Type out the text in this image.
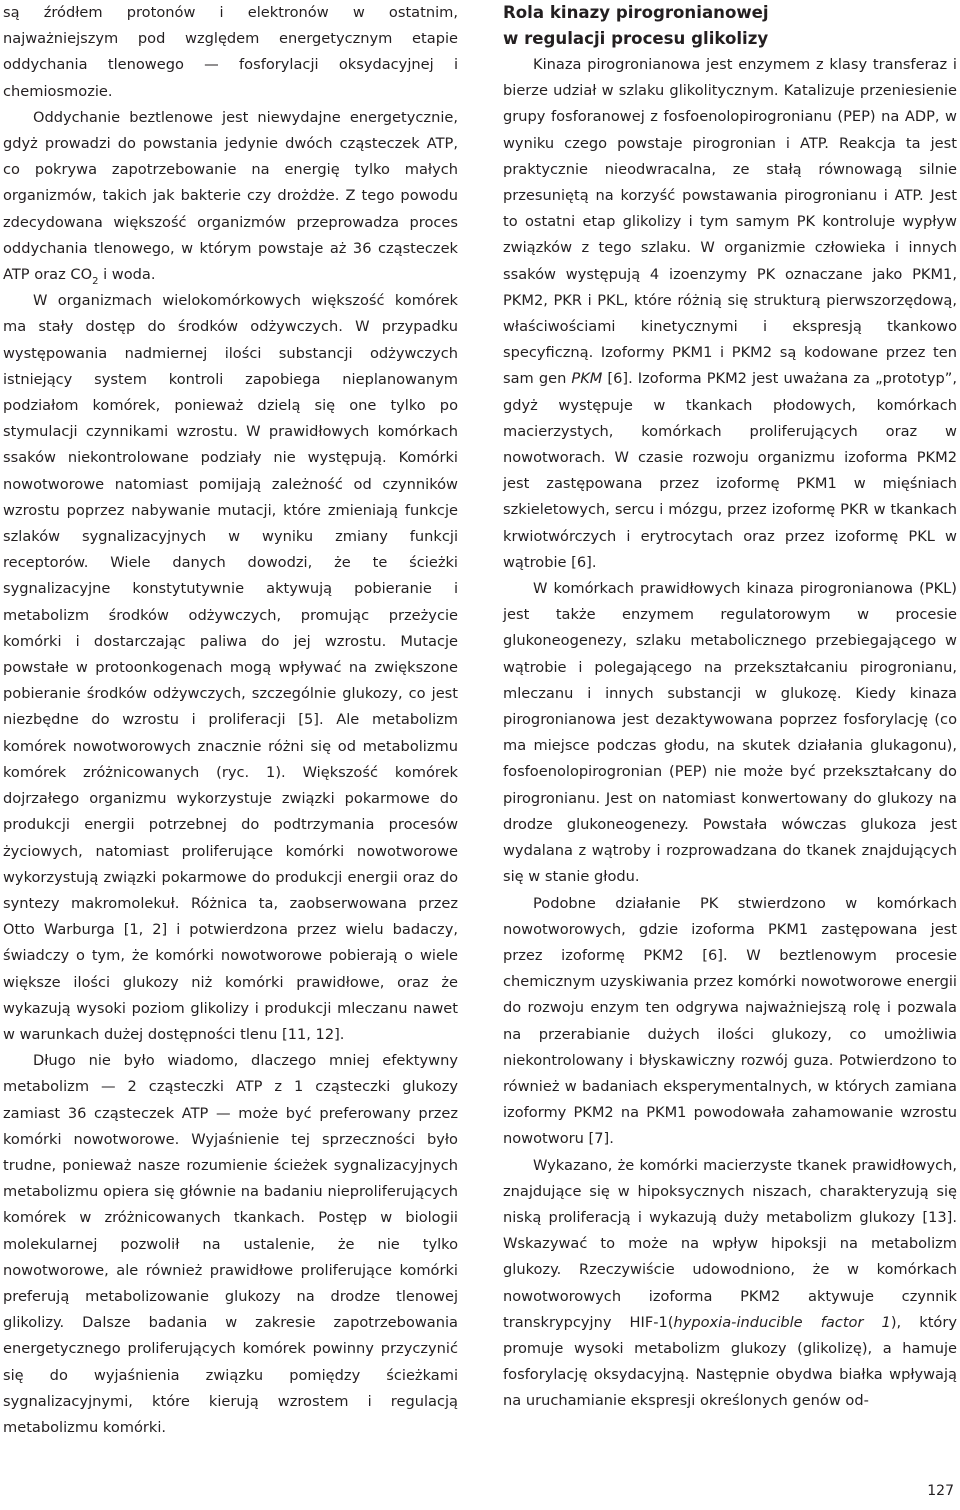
są źródłem protonów i elektronów w ostatnim, najważniejszym pod względem energetycznym etapie oddychania tlenowego — fosforylacji oksydacyjnej i chemiosmozie.

Oddychanie beztlenowe jest niewydajne energetycznie, gdyż prowadzi do powstania jedynie dwóch cząsteczek ATP, co pokrywa zapotrzebowanie na energię tylko małych organizmów, takich jak bakterie czy drożdże. Z tego powodu zdecydowana większość organizmów przeprowadza proces oddychania tlenowego, w którym powstaje aż 36 cząsteczek ATP oraz $CO_2$ i woda.

W organizmach wielokomórkowych większość komórek ma stały dostęp do środków odżywczych. W przypadku występowania nadmiernej ilości substancji odżywczych istniejący system kontroli zapobiega nieplanowanym podziałom komórek, ponieważ dzielą się one tylko po stymulacji czynnikami wzrostu. W prawidłowych komórkach ssaków niekontrolowane podziały nie występują. Komórki nowotworowe natomiast pomijają zależność od czynników wzrostu poprzez nabywanie mutacji, które zmieniają funkcje szlaków sygnalizacyjnych w wyniku zmiany funkcji receptorów. Wiele danych dowodzi, że te ścieżki sygnalizacyjne konstytutywnie aktywują pobieranie i metabolizm środków odżywczych, promując przeżycie komórki i dostarczając paliwa do jej wzrostu. Mutacje powstałe w protoonkogenach mogą wpływać na zwiększone pobieranie środków odżywczych, szczególnie glukozy, co jest niezbędne do wzrostu i proliferacji [5]. Ale metabolizm komórek nowotworowych znacznie różni się od metabolizmu komórek zróżnicowanych (ryc. 1). Większość komórek dojrzałego organizmu wykorzystuje związki pokarmowe do produkcji energii potrzebnej do podtrzymania procesów życiowych, natomiast proliferujące komórki nowotworowe wykorzystują związki pokarmowe do produkcji energii oraz do syntezy makromolekuł. Różnica ta, zaobserwowana przez Otto Warburga [1, 2] i potwierdzona przez wielu badaczy, świadczy o tym, że komórki nowotworowe pobierają o wiele większe ilości glukozy niż komórki prawidłowe, oraz że wykazują wysoki poziom glikolizy i produkcji mleczanu nawet w warunkach dużej dostępności tlenu [11, 12].

Długo nie było wiadomo, dlaczego mniej efektywny metabolizm — 2 cząsteczki ATP z 1 cząsteczki glukozy zamiast 36 cząsteczek ATP — może być preferowany przez komórki nowotworowe. Wyjaśnienie tej sprzeczności było trudne, ponieważ nasze rozumienie ścieżek sygnalizacyjnych metabolizmu opiera się głównie na badaniu nieproliferujących komórek w zróżnicowanych tkankach. Postęp w biologii molekularnej pozwolił na ustalenie, że nie tylko nowotworowe, ale również prawidłowe proliferujące komórki preferują metabolizowanie glukozy na drodze tlenowej glikolizy. Dalsze badania w zakresie zapotrzebowania energetycznego proliferujących komórek powinny przyczynić się do wyjaśnienia związku pomiędzy ścieżkami sygnalizacyjnymi, które kierują wzrostem i regulacją metabolizmu komórki.

Rola kinazy pirogronianowej
w regulacji procesu glikolizy

Kinaza pirogronianowa jest enzymem z klasy transferaz i bierze udział w szlaku glikolitycznym. Katalizuje przeniesienie grupy fosforanowej z fosfoenolopirogronianu (PEP) na ADP, w wyniku czego powstaje pirogronian i ATP. Reakcja ta jest praktycznie nieodwracalna, ze stałą równowagą silnie przesuniętą na korzyść powstawania pirogronianu i ATP. Jest to ostatni etap glikolizy i tym samym PK kontroluje wypływ związków z tego szlaku. W organizmie człowieka i innych ssaków występują 4 izoenzymy PK oznaczane jako PKM1, PKM2, PKR i PKL, które różnią się strukturą pierwszorzędową, właściwościami kinetycznymi i ekspresją tkankowo specyficzną. Izoformy PKM1 i PKM2 są kodowane przez ten sam gen PKM [6]. Izoforma PKM2 jest uważana za „prototyp”, gdyż występuje w tkankach płodowych, komórkach macierzystych, komórkach proliferujących oraz w nowotworach. W czasie rozwoju organizmu izoforma PKM2 jest zastępowana przez izoformę PKM1 w mięśniach szkieletowych, sercu i mózgu, przez izoformę PKR w tkankach krwiotwórczych i erytrocytach oraz przez izoformę PKL w wątrobie [6].

W komórkach prawidłowych kinaza pirogronianowa (PKL) jest także enzymem regulatorowym w procesie glukoneogenezy, szlaku metabolicznego przebiegającego w wątrobie i polegającego na przekształcaniu pirogronianu, mleczanu i innych substancji w glukozę. Kiedy kinaza pirogronianowa jest dezaktywowana poprzez fosforylację (co ma miejsce podczas głodu, na skutek działania glukagonu), fosfoenolopirogronian (PEP) nie może być przekształcany do pirogronianu. Jest on natomiast konwertowany do glukozy na drodze glukoneogenezy. Powstała wówczas glukoza jest wydalana z wątroby i rozprowadzana do tkanek znajdujących się w stanie głodu.

Podobne działanie PK stwierdzono w komórkach nowotworowych, gdzie izoforma PKM1 zastępowana jest przez izoformę PKM2 [6]. W beztlenowym procesie chemicznym uzyskiwania przez komórki nowotworowe energii do rozwoju enzym ten odgrywa najważniejszą rolę i pozwala na przerabianie dużych ilości glukozy, co umożliwia niekontrolowany i błyskawiczny rozwój guza. Potwierdzono to również w badaniach eksperymentalnych, w których zamiana izoformy PKM2 na PKM1 powodowała zahamowanie wzrostu nowotworu [7].

Wykazano, że komórki macierzyste tkanek prawidłowych, znajdujące się w hipoksycznych niszach, charakteryzują się niską proliferacją i wykazują duży metabolizm glukozy [13]. Wskazywać to może na wpływ hipoksji na metabolizm glukozy. Rzeczywiście udowodniono, że w komórkach nowotworowych izoforma PKM2 aktywuje czynnik transkrypcyjny HIF-1(hypoxia-inducible factor 1), który promuje wysoki metabolizm glukozy (glikolizę), a hamuje fosforylację oksydacyjną. Następnie obydwa białka wpływają na uruchamianie ekspresji określonych genów od-

127
